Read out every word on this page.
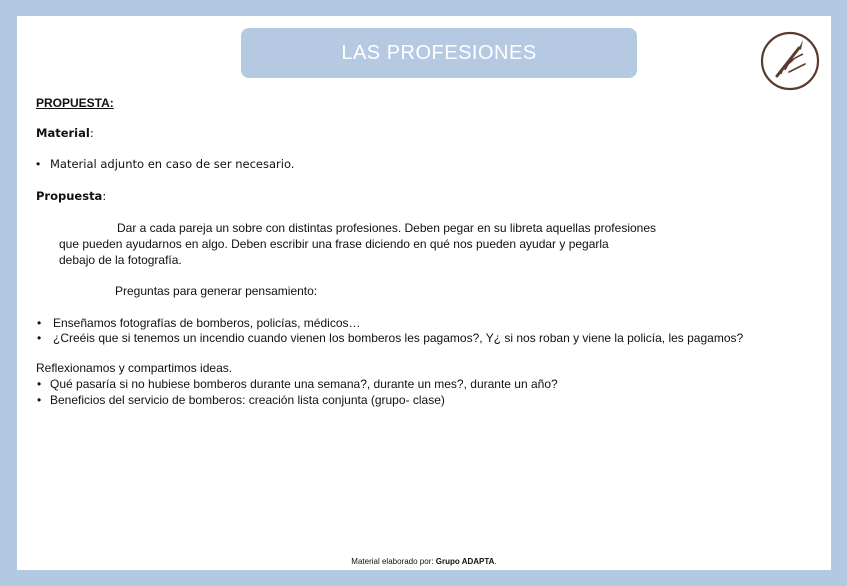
LAS PROFESIONES
PROPUESTA:
Material:
• Material adjunto en caso de ser necesario.
Propuesta:
Dar a cada pareja un sobre con distintas profesiones. Deben pegar en su libreta aquellas profesiones
que pueden ayudarnos en algo. Deben escribir una frase diciendo en qué nos pueden ayudar y pegarla
debajo de la fotografía.
Preguntas para generar pensamiento:
• Enseñamos fotografías de bomberos, policías, médicos…
• ¿Creéis que si tenemos un incendio cuando vienen los bomberos les pagamos?, Y¿ si nos roban y viene la policía, les pagamos?
Reflexionamos y compartimos ideas.
• Qué pasaría si no hubiese bomberos durante una semana?, durante un mes?, durante un año?
• Beneficios del servicio de bomberos: creación lista conjunta (grupo- clase)
Material elaborado por: Grupo ADAPTA.
